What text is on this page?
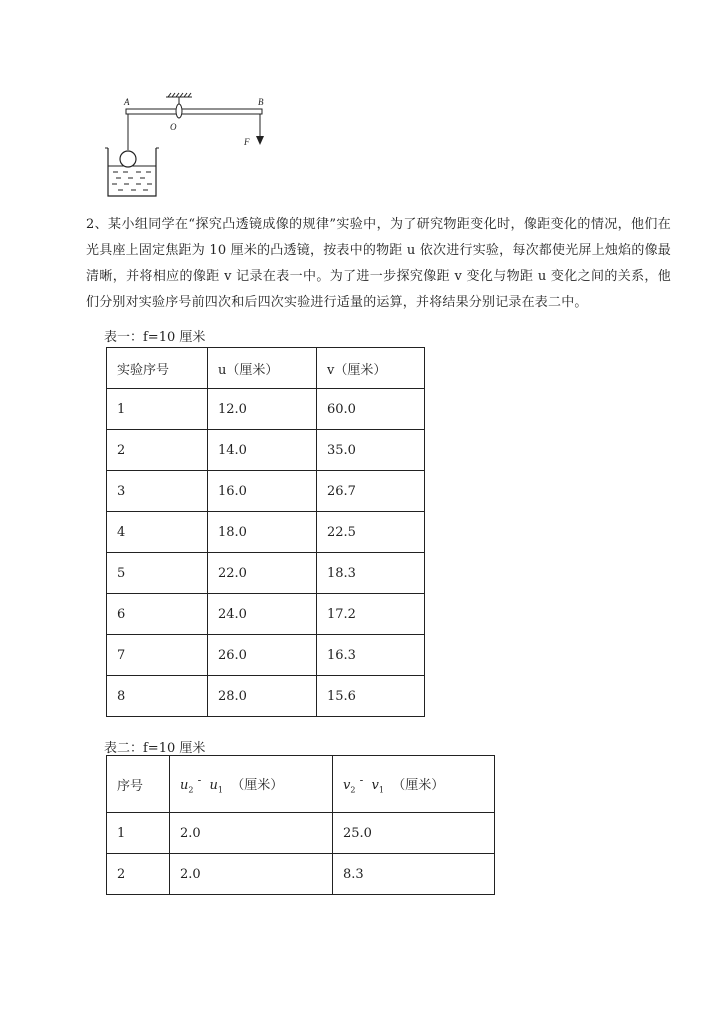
A
O
B
F

2、某小组同学在“探究凸透镜成像的规律”实验中，为了研究物距变化时，像距变化的情况，他们在光具座上固定焦距为 10 厘米的凸透镜，按表中的物距 u 依次进行实验，每次都使光屏上烛焰的像最清晰，并将相应的像距 v 记录在表一中。为了进一步探究像距 v 变化与物距 u 变化之间的关系，他们分别对实验序号前四次和后四次实验进行适量的运算，并将结果分别记录在表二中。

表一：f=10 厘米
实验序号	u（厘米）	v（厘米）
1	12.0	60.0
2	14.0	35.0
3	16.0	26.7
4	18.0	22.5
5	22.0	18.3
6	24.0	17.2
7	26.0	16.3
8	28.0	15.6
表二：f=10 厘米
序号	$u_2$ - $u_1$ （厘米）	$v_2$ - $v_1$ （厘米）
1	2.0	25.0
2	2.0	8.3
